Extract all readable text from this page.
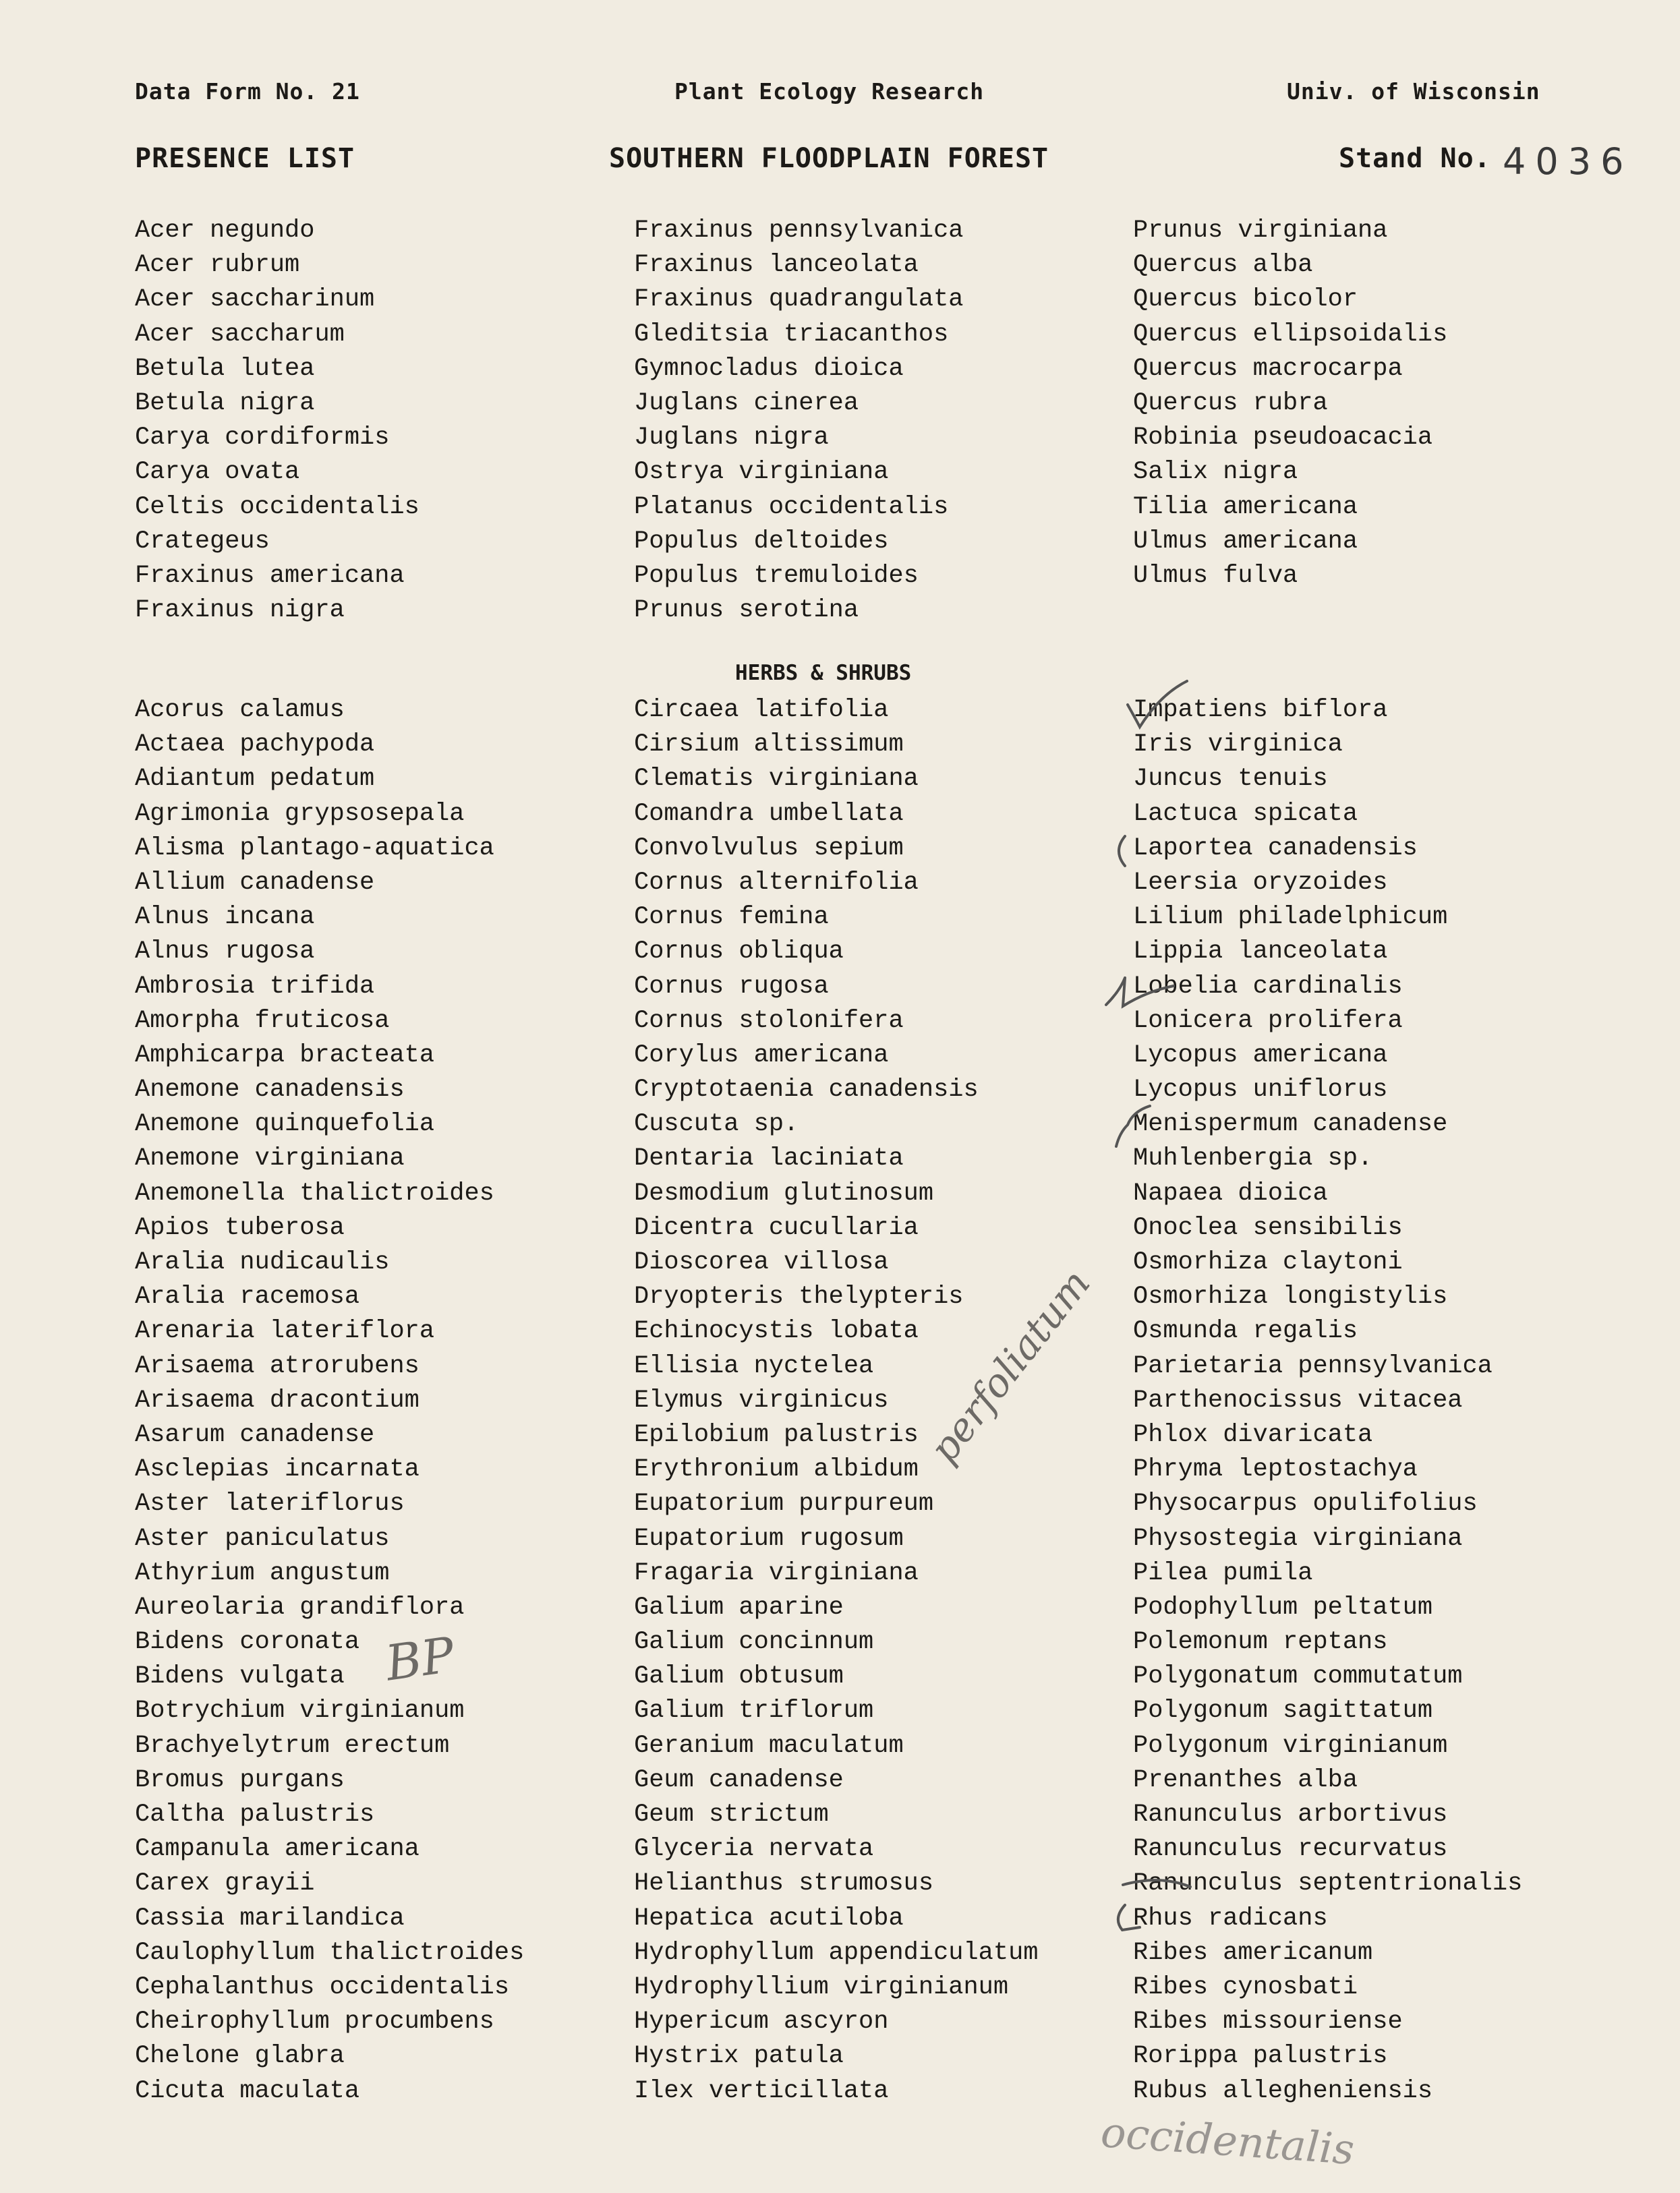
Data Form No. 21	Plant Ecology Research	Univ. of Wisconsin
PRESENCE LIST	SOUTHERN FLOODPLAIN FOREST	Stand No. 4036
Acer negundo
Acer rubrum
Acer saccharinum
Acer saccharum
Betula lutea
Betula nigra
Carya cordiformis
Carya ovata
Celtis occidentalis
Crategeus
Fraxinus americana
Fraxinus nigra
Fraxinus pennsylvanica
Fraxinus lanceolata
Fraxinus quadrangulata
Gleditsia triacanthos
Gymnocladus dioica
Juglans cinerea
Juglans nigra
Ostrya virginiana
Platanus occidentalis
Populus deltoides
Populus tremuloides
Prunus serotina
Prunus virginiana
Quercus alba
Quercus bicolor
Quercus ellipsoidalis
Quercus macrocarpa
Quercus rubra
Robinia pseudoacacia
Salix nigra
Tilia americana
Ulmus americana
Ulmus fulva
HERBS & SHRUBS
Acorus calamus
Actaea pachypoda
Adiantum pedatum
Agrimonia grypsosepala
Alisma plantago-aquatica
Allium canadense
Alnus incana
Alnus rugosa
Ambrosia trifida
Amorpha fruticosa
Amphicarpa bracteata
Anemone canadensis
Anemone quinquefolia
Anemone virginiana
Anemonella thalictroides
Apios tuberosa
Aralia nudicaulis
Aralia racemosa
Arenaria lateriflora
Arisaema atrorubens
Arisaema dracontium
Asarum canadense
Asclepias incarnata
Aster lateriflorus
Aster paniculatus
Athyrium angustum
Aureolaria grandiflora
Bidens coronata
Bidens vulgata
Botrychium virginianum
Brachyelytrum erectum
Bromus purgans
Caltha palustris
Campanula americana
Carex grayii
Cassia marilandica
Caulophyllum thalictroides
Cephalanthus occidentalis
Cheirophyllum procumbens
Chelone glabra
Cicuta maculata
Circaea latifolia
Cirsium altissimum
Clematis virginiana
Comandra umbellata
Convolvulus sepium
Cornus alternifolia
Cornus femina
Cornus obliqua
Cornus rugosa
Cornus stolonifera
Corylus americana
Cryptotaenia canadensis
Cuscuta sp.
Dentaria laciniata
Desmodium glutinosum
Dicentra cucullaria
Dioscorea villosa
Dryopteris thelypteris
Echinocystis lobata
Ellisia nyctelea
Elymus virginicus
Epilobium palustris
Erythronium albidum
Eupatorium purpureum
Eupatorium rugosum
Fragaria virginiana
Galium aparine
Galium concinnum
Galium obtusum
Galium triflorum
Geranium maculatum
Geum canadense
Geum strictum
Glyceria nervata
Helianthus strumosus
Hepatica acutiloba
Hydrophyllum appendiculatum
Hydrophyllium virginianum
Hypericum ascyron
Hystrix patula
Ilex verticillata
Impatiens biflora
Iris virginica
Juncus tenuis
Lactuca spicata
Laportea canadensis
Leersia oryzoides
Lilium philadelphicum
Lippia lanceolata
Lobelia cardinalis
Lonicera prolifera
Lycopus americana
Lycopus uniflorus
Menispermum canadense
Muhlenbergia sp.
Napaea dioica
Onoclea sensibilis
Osmorhiza claytoni
Osmorhiza longistylis
Osmunda regalis
Parietaria pennsylvanica
Parthenocissus vitacea
Phlox divaricata
Phryma leptostachya
Physocarpus opulifolius
Physostegia virginiana
Pilea pumila
Podophyllum peltatum
Polemonum reptans
Polygonatum commutatum
Polygonum sagittatum
Polygonum virginianum
Prenanthes alba
Ranunculus arbortivus
Ranunculus recurvatus
Ranunculus septentrionalis
Rhus radicans
Ribes americanum
Ribes cynosbati
Ribes missouriense
Rorippa palustris
Rubus allegheniensis
perfoliatum
BP
occidentalis
